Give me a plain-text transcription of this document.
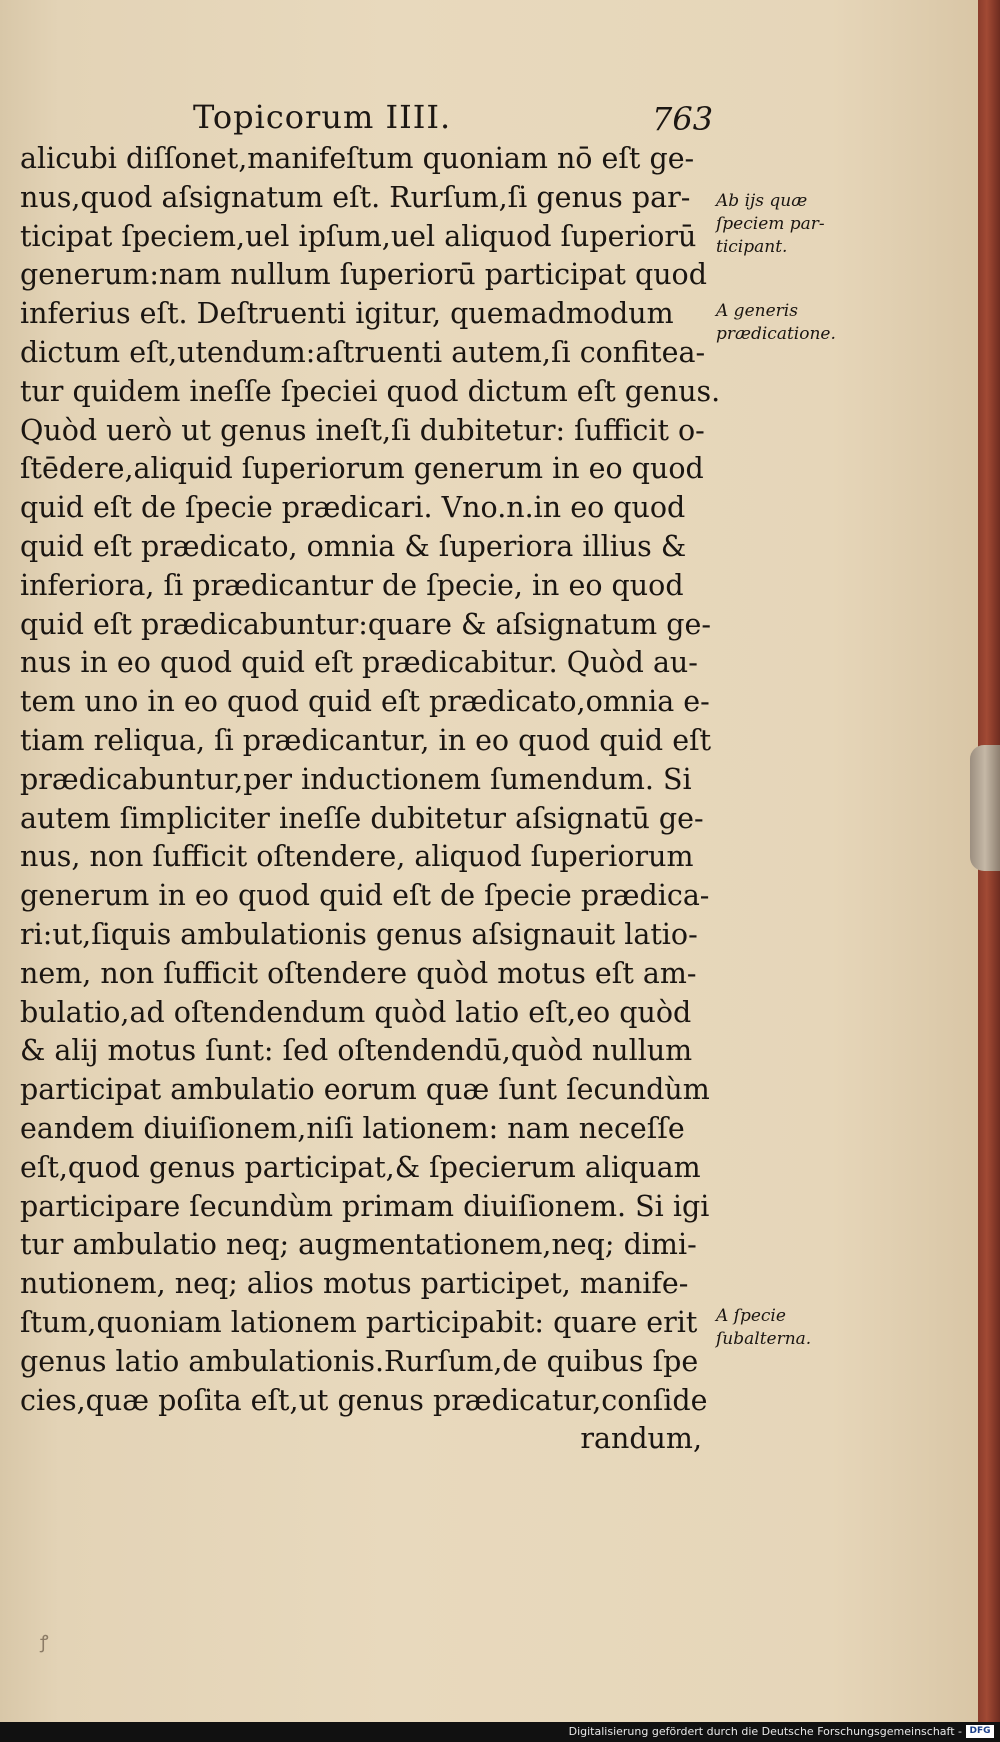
Topicorum IIII.	763
alicubi diſſonet,manifeſtum quoniam nō eſt ge-
nus,quod aſsignatum eſt. Rurſum,ſi genus par-
ticipat ſpeciem,uel ipſum,uel aliquod ſuperiorū
generum:nam nullum ſuperiorū participat quod
inferius eſt. Deſtruenti igitur, quemadmodum
dictum eſt,utendum:aſtruenti autem,ſi confitea-
tur quidem ineſſe ſpeciei quod dictum eſt genus.
Quòd uerò ut genus ineſt,ſi dubitetur: ſufficit o-
ſtēdere,aliquid ſuperiorum generum in eo quod
quid eſt de ſpecie prædicari. Vno.n.in eo quod
quid eſt prædicato, omnia & ſuperiora illius &
inferiora, ſi prædicantur de ſpecie, in eo quod
quid eſt prædicabuntur:quare & aſsignatum ge-
nus in eo quod quid eſt prædicabitur. Quòd au-
tem uno in eo quod quid eſt prædicato,omnia e-
tiam reliqua, ſi prædicantur, in eo quod quid eſt
prædicabuntur,per inductionem ſumendum. Si
autem ſimpliciter ineſſe dubitetur aſsignatū ge-
nus, non ſufficit oſtendere, aliquod ſuperiorum
generum in eo quod quid eſt de ſpecie prædica-
ri:ut,ſiquis ambulationis genus aſsignauit latio-
nem, non ſufficit oſtendere quòd motus eſt am-
bulatio,ad oſtendendum quòd latio eſt,eo quòd
& alij motus ſunt: ſed oſtendendū,quòd nullum
participat ambulatio eorum quæ ſunt ſecundùm
eandem diuiſionem,niſi lationem: nam neceſſe
eſt,quod genus participat,& ſpecierum aliquam
participare ſecundùm primam diuiſionem. Si igi
tur ambulatio neq; augmentationem,neq; dimi-
nutionem, neq; alios motus participet, manife-
ſtum,quoniam lationem participabit: quare erit
genus latio ambulationis.Rurſum,de quibus ſpe
cies,quæ poſita eſt,ut genus prædicatur,conſide
randum,
Ab ijs quæ
ſpeciem par-
ticipant.
A generis
prædicatione.
A ſpecie
ſubalterna.
ꝭ
Digitalisierung gefördert durch die Deutsche Forschungsgemeinschaft - DFG
